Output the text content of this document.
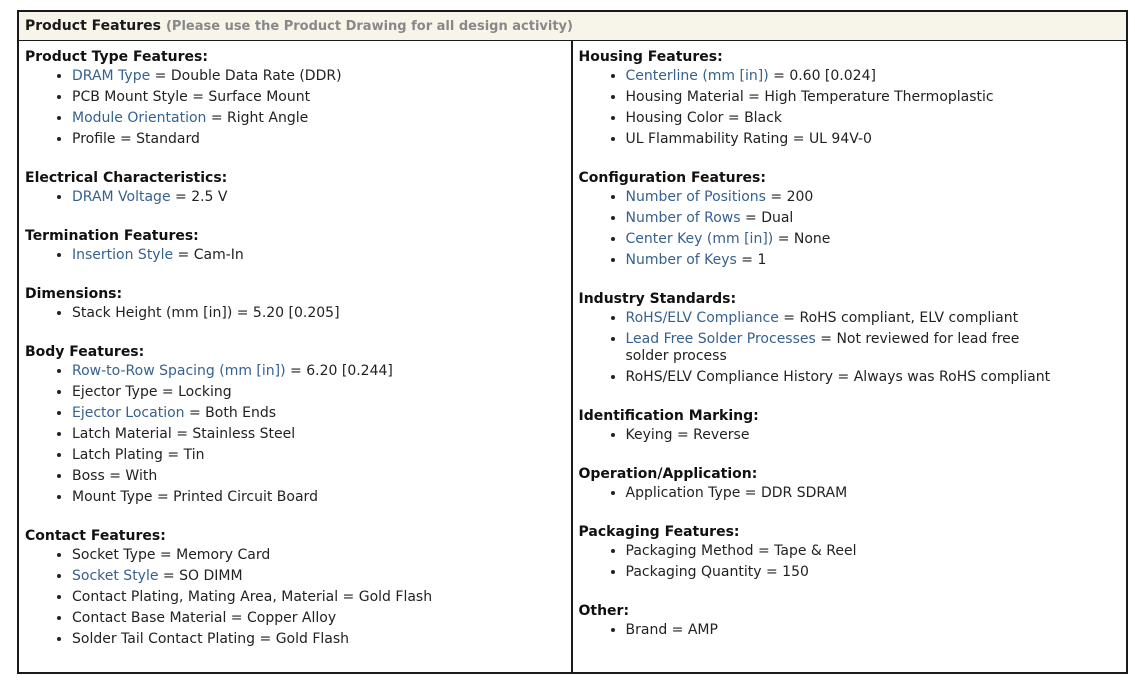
Product Features (Please use the Product Drawing for all design activity)
Product Type Features:
• DRAM Type = Double Data Rate (DDR)
• PCB Mount Style = Surface Mount
• Module Orientation = Right Angle
• Profile = Standard
Electrical Characteristics:
• DRAM Voltage = 2.5 V
Termination Features:
• Insertion Style = Cam-In
Dimensions:
• Stack Height (mm [in]) = 5.20 [0.205]
Body Features:
• Row-to-Row Spacing (mm [in]) = 6.20 [0.244]
• Ejector Type = Locking
• Ejector Location = Both Ends
• Latch Material = Stainless Steel
• Latch Plating = Tin
• Boss = With
• Mount Type = Printed Circuit Board
Contact Features:
• Socket Type = Memory Card
• Socket Style = SO DIMM
• Contact Plating, Mating Area, Material = Gold Flash
• Contact Base Material = Copper Alloy
• Solder Tail Contact Plating = Gold Flash
Housing Features:
• Centerline (mm [in]) = 0.60 [0.024]
• Housing Material = High Temperature Thermoplastic
• Housing Color = Black
• UL Flammability Rating = UL 94V-0
Configuration Features:
• Number of Positions = 200
• Number of Rows = Dual
• Center Key (mm [in]) = None
• Number of Keys = 1
Industry Standards:
• RoHS/ELV Compliance = RoHS compliant, ELV compliant
• Lead Free Solder Processes = Not reviewed for lead free solder process
• RoHS/ELV Compliance History = Always was RoHS compliant
Identification Marking:
• Keying = Reverse
Operation/Application:
• Application Type = DDR SDRAM
Packaging Features:
• Packaging Method = Tape & Reel
• Packaging Quantity = 150
Other:
• Brand = AMP
